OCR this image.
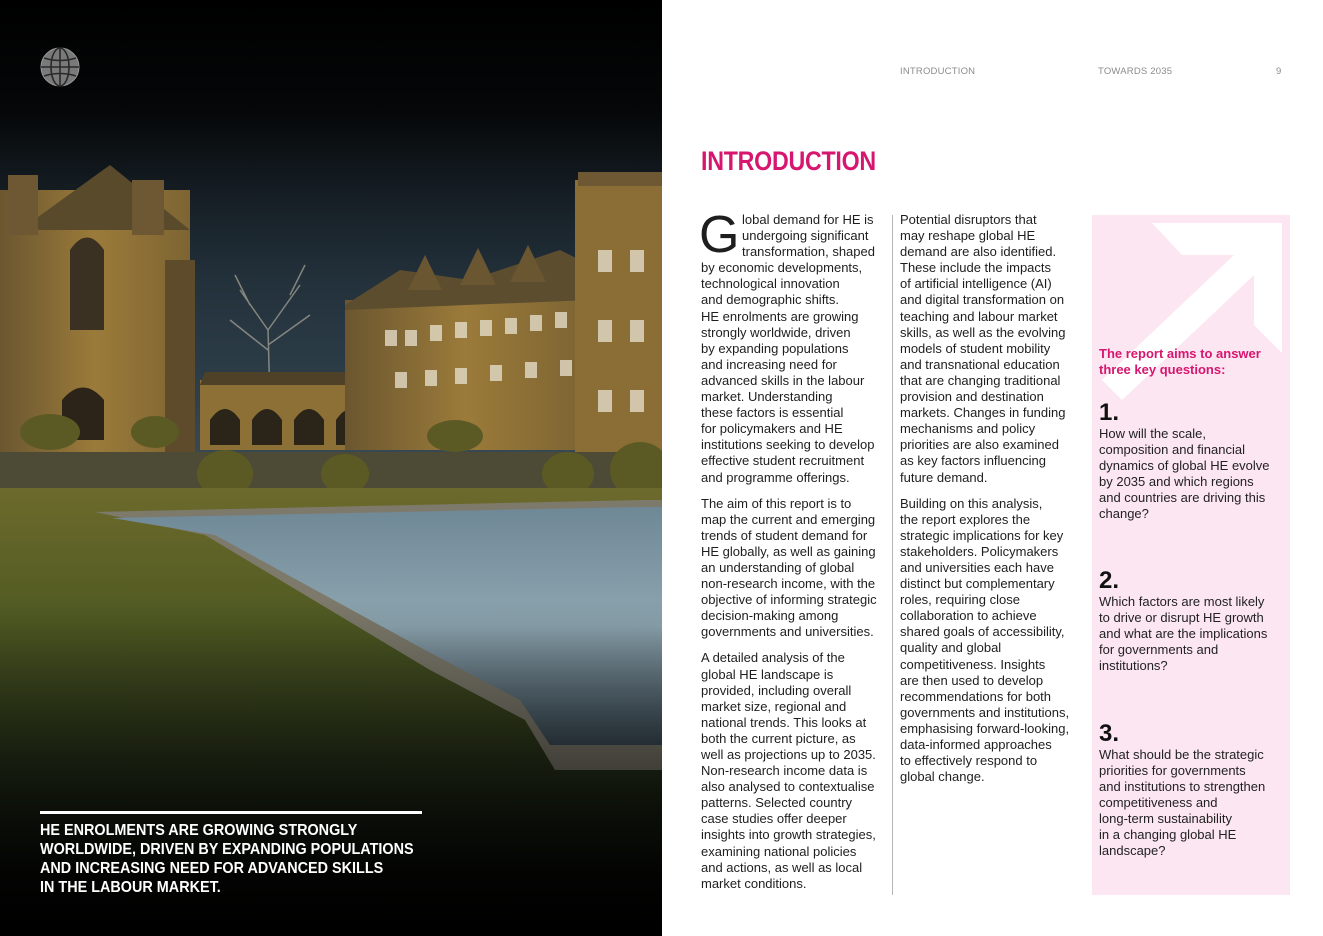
HE ENROLMENTS ARE GROWING STRONGLY
WORLDWIDE, DRIVEN BY EXPANDING POPULATIONS
AND INCREASING NEED FOR ADVANCED SKILLS
IN THE LABOUR MARKET.
INTRODUCTION	TOWARDS 2035	9
INTRODUCTION
G lobal demand for HE is
undergoing significant
transformation, shaped
by economic developments,
technological innovation
and demographic shifts.
HE enrolments are growing
strongly worldwide, driven
by expanding populations
and increasing need for
advanced skills in the labour
market. Understanding
these factors is essential
for policymakers and HE
institutions seeking to develop
effective student recruitment
and programme offerings.

The aim of this report is to
map the current and emerging
trends of student demand for
HE globally, as well as gaining
an understanding of global
non-research income, with the
objective of informing strategic
decision-making among
governments and universities.

A detailed analysis of the
global HE landscape is
provided, including overall
market size, regional and
national trends. This looks at
both the current picture, as
well as projections up to 2035.
Non-research income data is
also analysed to contextualise
patterns. Selected country
case studies offer deeper
insights into growth strategies,
examining national policies
and actions, as well as local
market conditions.

Potential disruptors that
may reshape global HE
demand are also identified.
These include the impacts
of artificial intelligence (AI)
and digital transformation on
teaching and labour market
skills, as well as the evolving
models of student mobility
and transnational education
that are changing traditional
provision and destination
markets. Changes in funding
mechanisms and policy
priorities are also examined
as key factors influencing
future demand.

Building on this analysis,
the report explores the
strategic implications for key
stakeholders. Policymakers
and universities each have
distinct but complementary
roles, requiring close
collaboration to achieve
shared goals of accessibility,
quality and global
competitiveness. Insights
are then used to develop
recommendations for both
governments and institutions,
emphasising forward-looking,
data-informed approaches
to effectively respond to
global change.

The report aims to answer
three key questions:
1.
How will the scale,
composition and financial
dynamics of global HE evolve
by 2035 and which regions
and countries are driving this
change?
2.
Which factors are most likely
to drive or disrupt HE growth
and what are the implications
for governments and
institutions?
3.
What should be the strategic
priorities for governments
and institutions to strengthen
competitiveness and
long-term sustainability
in a changing global HE
landscape?
